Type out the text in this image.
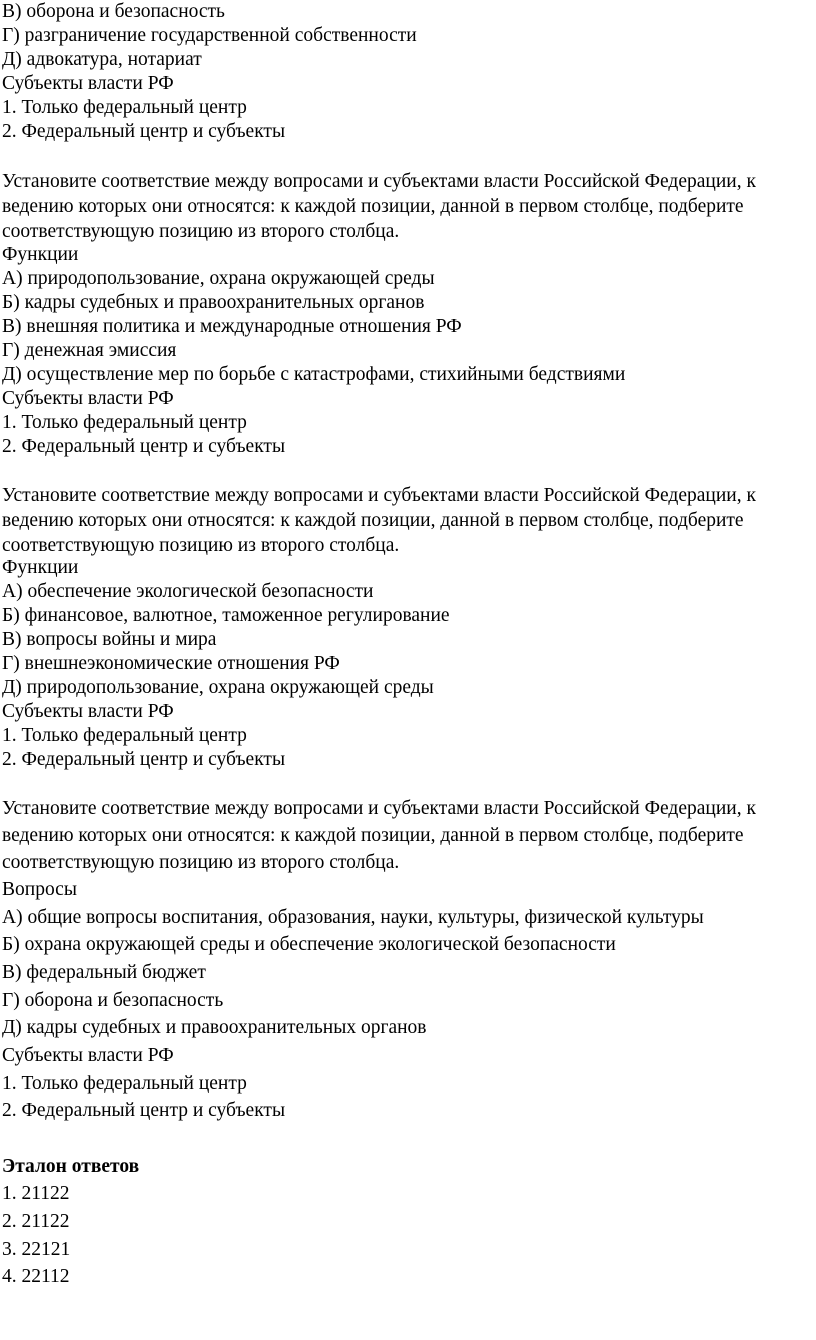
В) оборона и безопасность
Г) разграничение государственной собственности
Д) адвокатура, нотариат
Субъекты власти РФ
1. Только федеральный центр
2. Федеральный центр и субъекты
Установите соответствие между вопросами и субъектами власти Российской Федерации, к
ведению которых они относятся: к каждой позиции, данной в первом столбце, подберите
соответствующую позицию из второго столбца.
Функции
А) природопользование, охрана окружающей среды
Б) кадры судебных и правоохранительных органов
В) внешняя политика и международные отношения РФ
Г) денежная эмиссия
Д) осуществление мер по борьбе с катастрофами, стихийными бедствиями
Субъекты власти РФ
1. Только федеральный центр
2. Федеральный центр и субъекты
Установите соответствие между вопросами и субъектами власти Российской Федерации, к
ведению которых они относятся: к каждой позиции, данной в первом столбце, подберите
соответствующую позицию из второго столбца.
Функции
А) обеспечение экологической безопасности
Б) финансовое, валютное, таможенное регулирование
В) вопросы войны и мира
Г) внешнеэкономические отношения РФ
Д) природопользование, охрана окружающей среды
Субъекты власти РФ
1. Только федеральный центр
2. Федеральный центр и субъекты
Установите соответствие между вопросами и субъектами власти Российской Федерации, к
ведению которых они относятся: к каждой позиции, данной в первом столбце, подберите
соответствующую позицию из второго столбца.
Вопросы
А) общие вопросы воспитания, образования, науки, культуры, физической культуры
Б) охрана окружающей среды и обеспечение экологической безопасности
В) федеральный бюджет
Г) оборона и безопасность
Д) кадры судебных и правоохранительных органов
Субъекты власти РФ
1. Только федеральный центр
2. Федеральный центр и субъекты
Эталон ответов
1. 21122
2. 21122
3. 22121
4. 22112
